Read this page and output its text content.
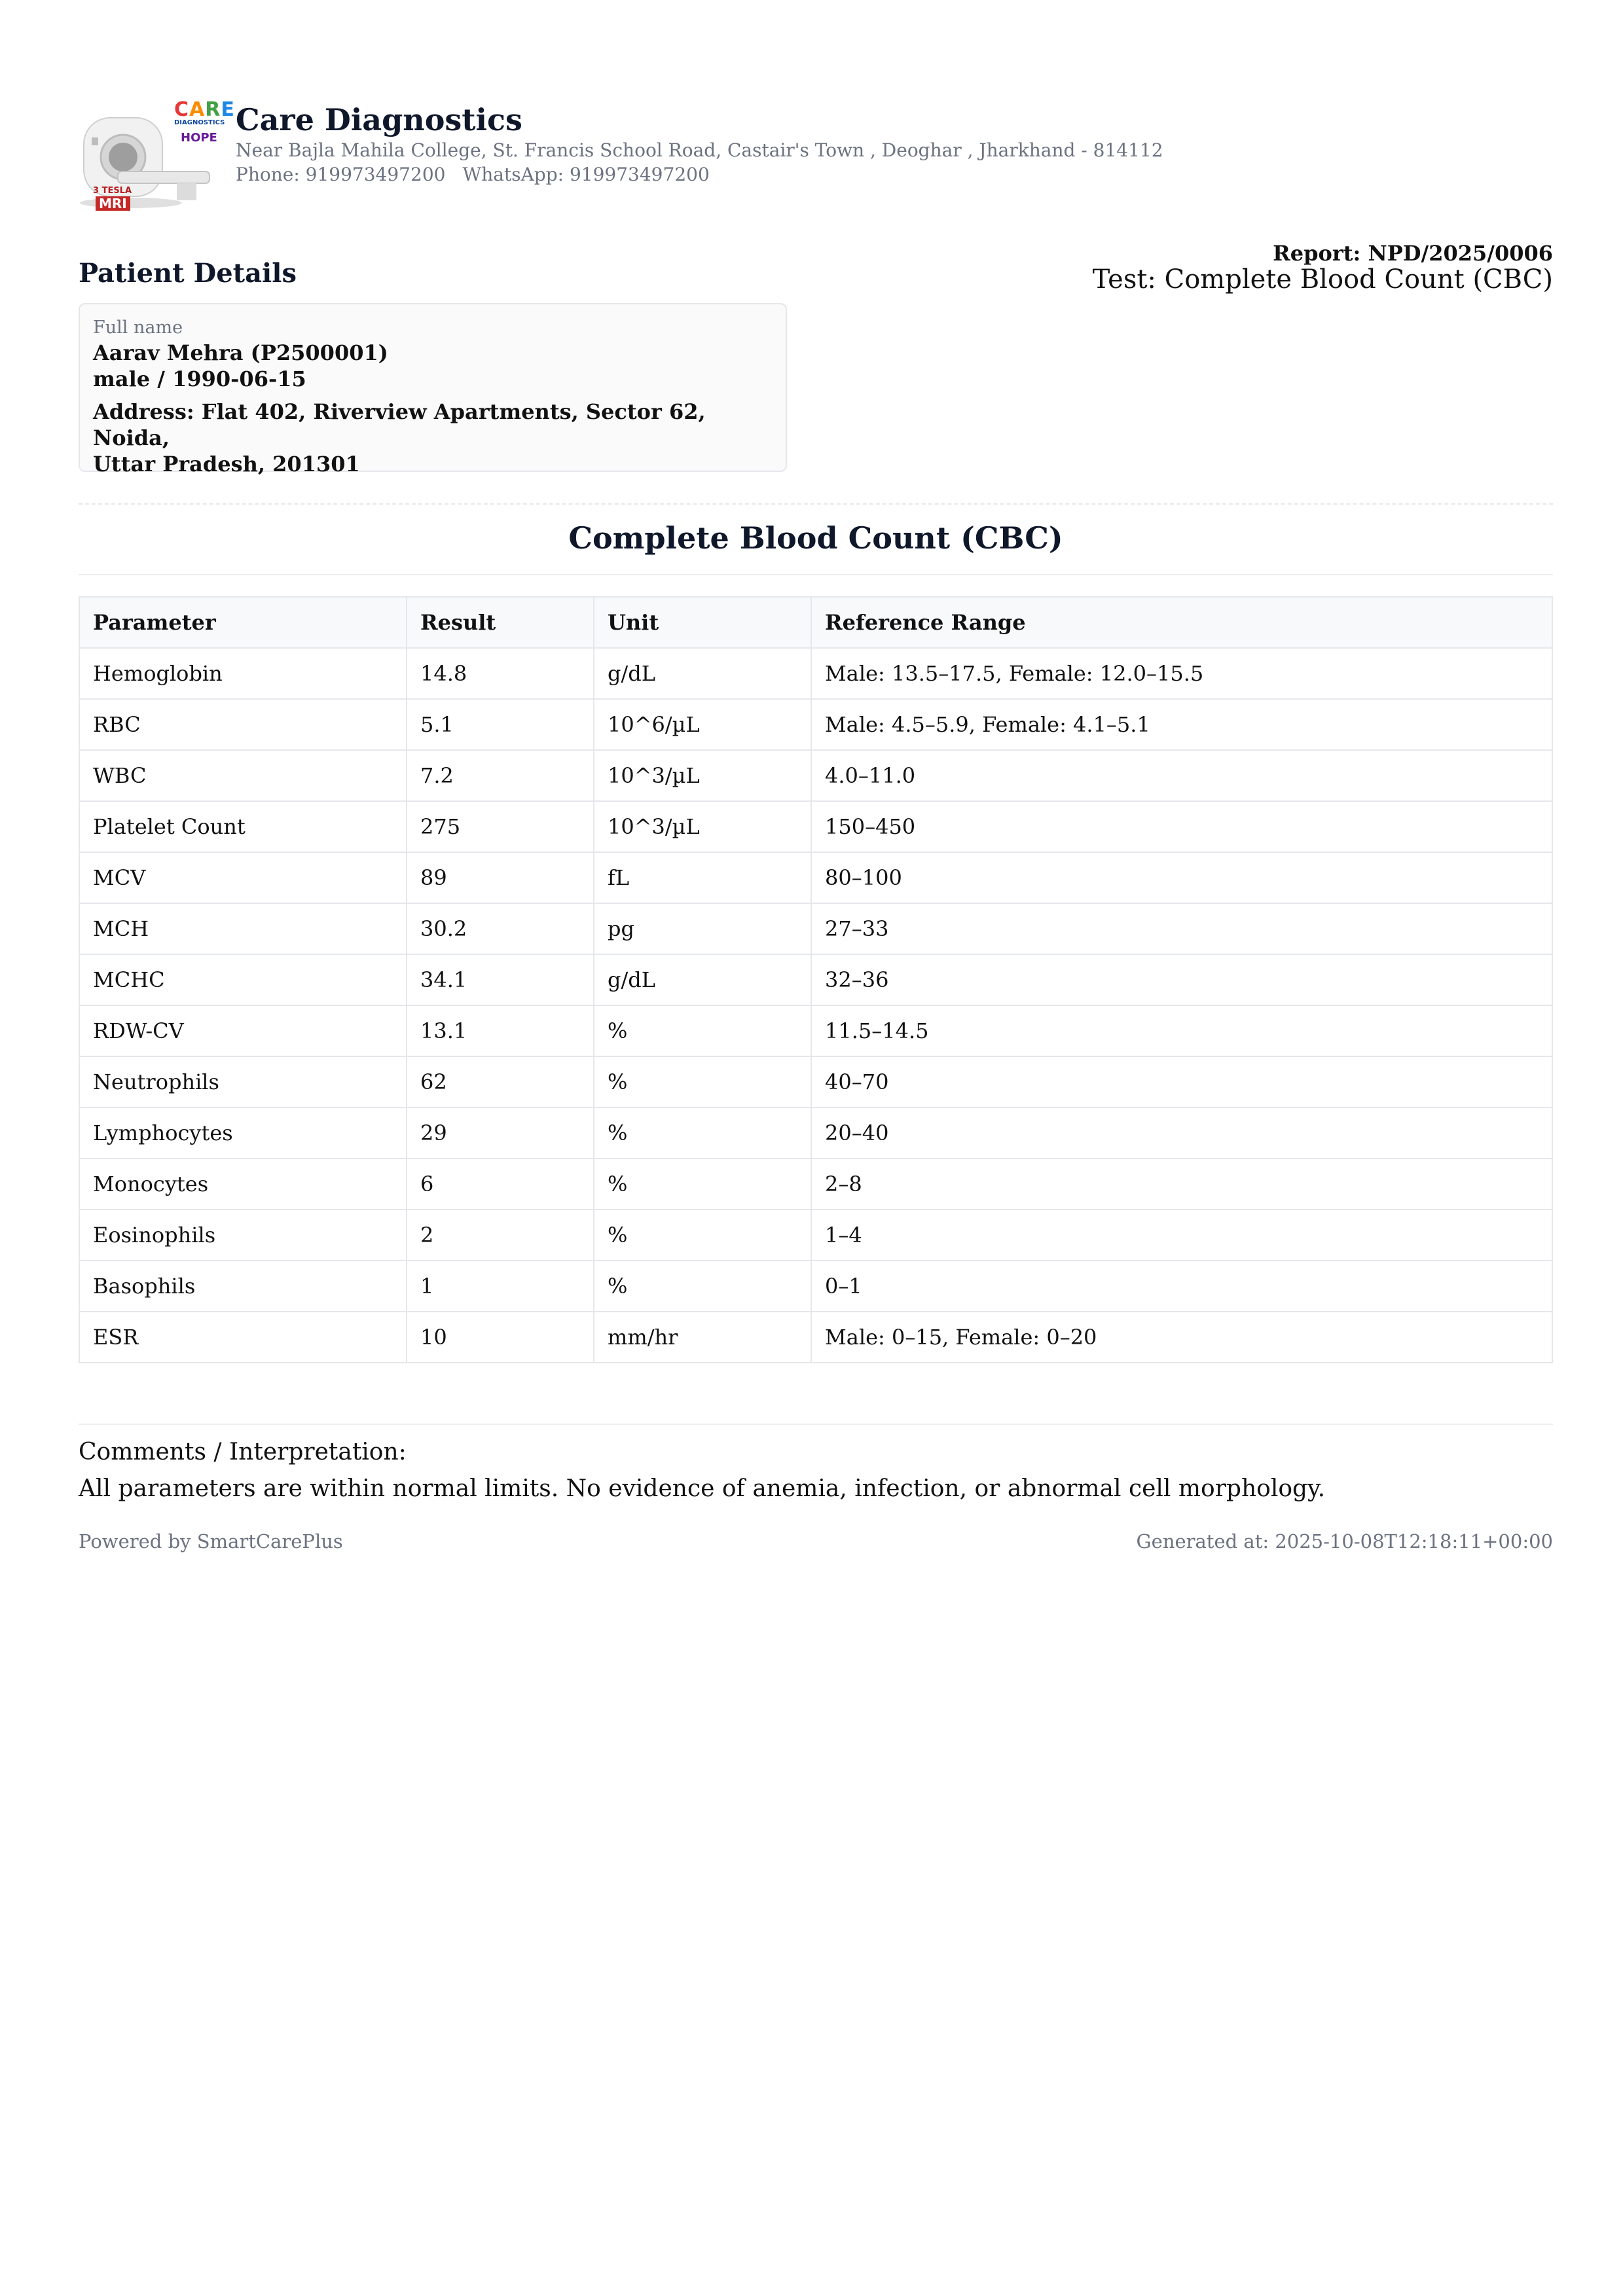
CARE
DIAGNOSTICS
HOPE
3 TESLA
MRI
Care Diagnostics
Near Bajla Mahila College, St. Francis School Road, Castair's Town , Deoghar , Jharkhand - 814112
Phone: 919973497200 WhatsApp: 919973497200
Patient Details
Report: NPD/2025/0006
Test: Complete Blood Count (CBC)
Full name
Aarav Mehra (P2500001)
male / 1990-06-15
Address: Flat 402, Riverview Apartments, Sector 62, Noida,
Uttar Pradesh, 201301
Complete Blood Count (CBC)
Parameter	Result	Unit	Reference Range
Hemoglobin	14.8	g/dL	Male: 13.5–17.5, Female: 12.0–15.5
RBC	5.1	10^6/µL	Male: 4.5–5.9, Female: 4.1–5.1
WBC	7.2	10^3/µL	4.0–11.0
Platelet Count	275	10^3/µL	150–450
MCV	89	fL	80–100
MCH	30.2	pg	27–33
MCHC	34.1	g/dL	32–36
RDW-CV	13.1	%	11.5–14.5
Neutrophils	62	%	40–70
Lymphocytes	29	%	20–40
Monocytes	6	%	2–8
Eosinophils	2	%	1–4
Basophils	1	%	0–1
ESR	10	mm/hr	Male: 0–15, Female: 0–20
Comments / Interpretation:
All parameters are within normal limits. No evidence of anemia, infection, or abnormal cell morphology.
Powered by SmartCarePlus	Generated at: 2025-10-08T12:18:11+00:00
